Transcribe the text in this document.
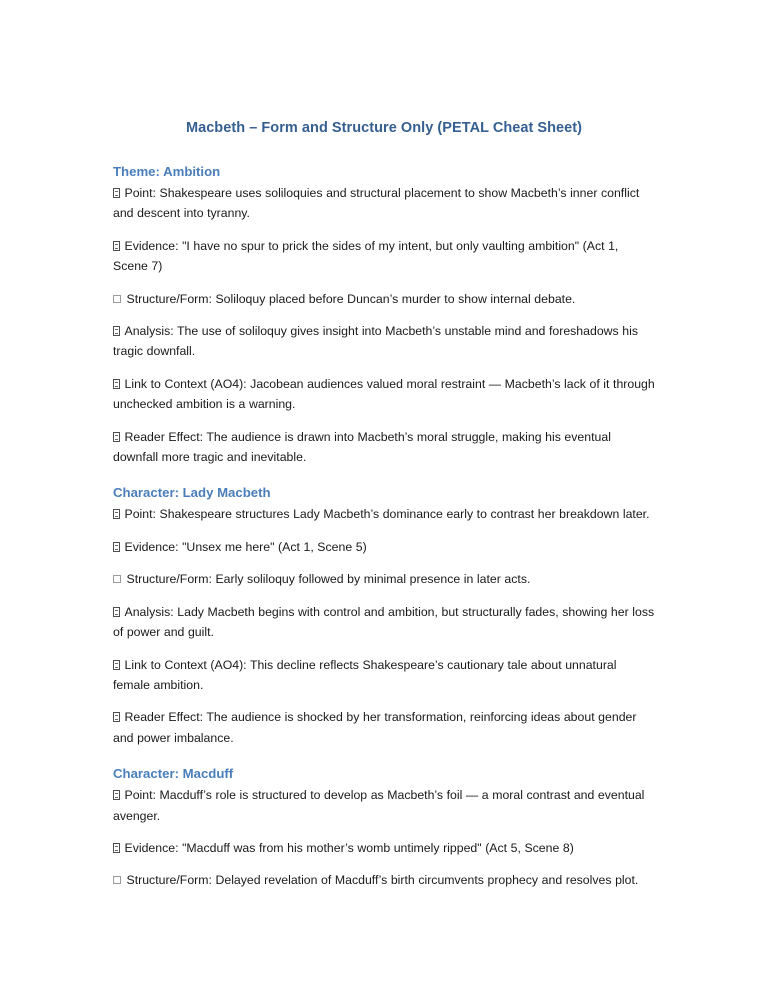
Macbeth – Form and Structure Only (PETAL Cheat Sheet)
Theme: Ambition

Point: Shakespeare uses soliloquies and structural placement to show Macbeth’s inner conflict and descent into tyranny.

Evidence: "I have no spur to prick the sides of my intent, but only vaulting ambition" (Act 1, Scene 7)

Structure/Form: Soliloquy placed before Duncan’s murder to show internal debate.

Analysis: The use of soliloquy gives insight into Macbeth’s unstable mind and foreshadows his tragic downfall.

Link to Context (AO4): Jacobean audiences valued moral restraint — Macbeth’s lack of it through unchecked ambition is a warning.

Reader Effect: The audience is drawn into Macbeth’s moral struggle, making his eventual downfall more tragic and inevitable.

Character: Lady Macbeth

Point: Shakespeare structures Lady Macbeth’s dominance early to contrast her breakdown later.

Evidence: "Unsex me here" (Act 1, Scene 5)

Structure/Form: Early soliloquy followed by minimal presence in later acts.

Analysis: Lady Macbeth begins with control and ambition, but structurally fades, showing her loss of power and guilt.

Link to Context (AO4): This decline reflects Shakespeare’s cautionary tale about unnatural female ambition.

Reader Effect: The audience is shocked by her transformation, reinforcing ideas about gender and power imbalance.

Character: Macduff

Point: Macduff’s role is structured to develop as Macbeth’s foil — a moral contrast and eventual avenger.

Evidence: "Macduff was from his mother’s womb untimely ripped" (Act 5, Scene 8)

Structure/Form: Delayed revelation of Macduff’s birth circumvents prophecy and resolves plot.
